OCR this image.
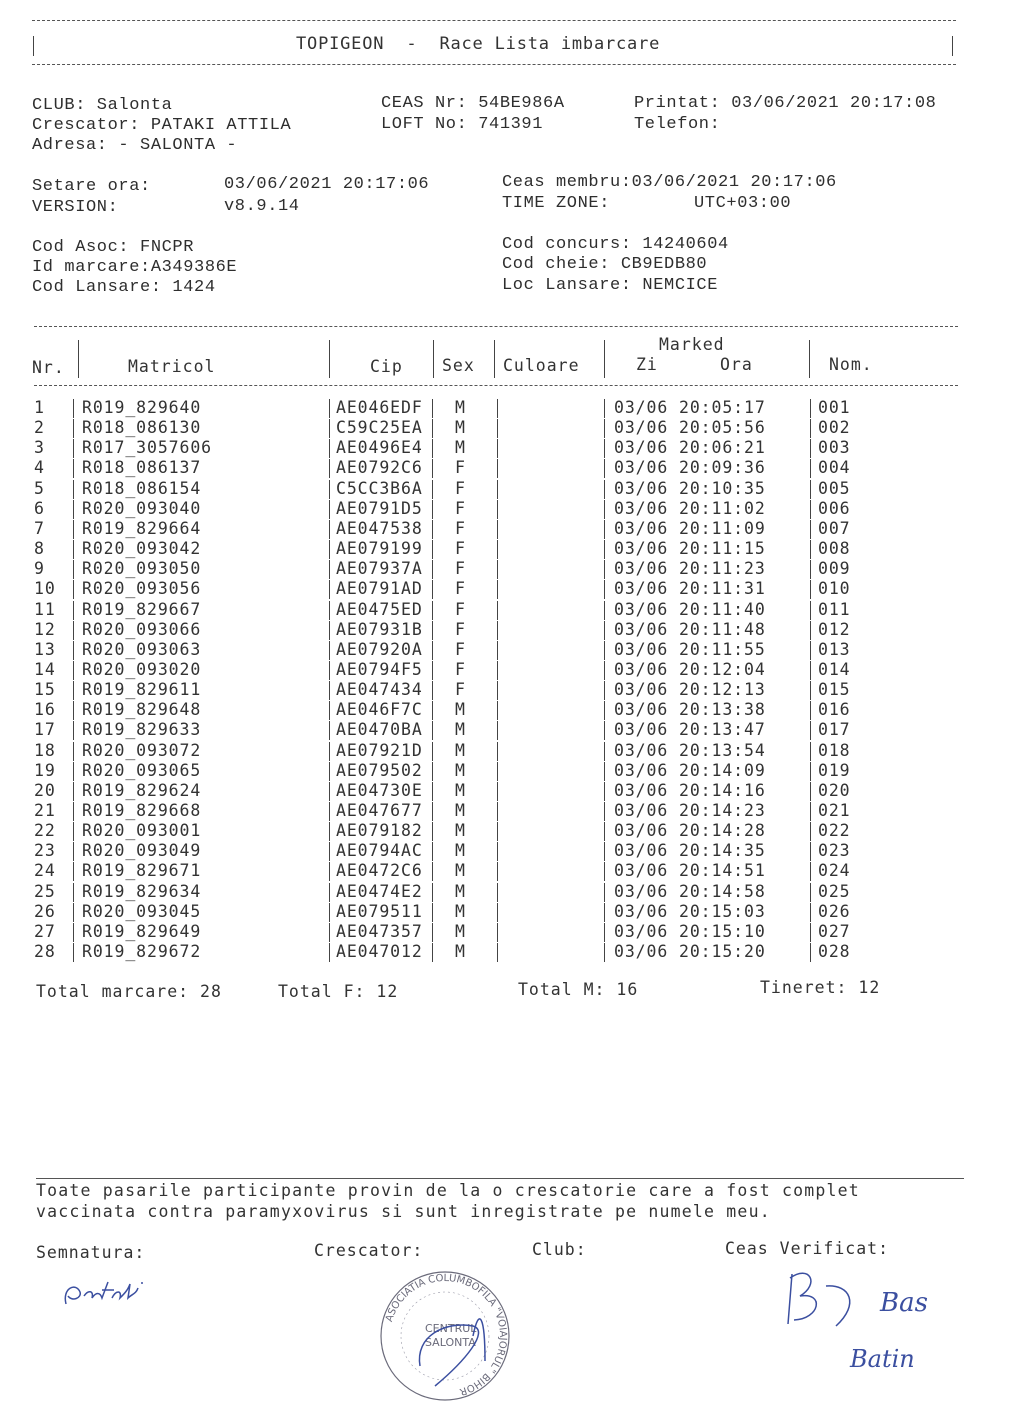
TOPIGEON  -  Race Lista imbarcare
CLUB: Salonta
Crescator: PATAKI ATTILA
Adresa: - SALONTA -
CEAS Nr: 54BE986A
LOFT No: 741391
Printat: 03/06/2021 20:17:08
Telefon:
Setare ora:	03/06/2021 20:17:06
VERSION:	v8.9.14
Ceas membru:03/06/2021 20:17:06
TIME ZONE:	UTC+03:00
Cod Asoc: FNCPR
Id marcare:A349386E
Cod Lansare: 1424
Cod concurs: 14240604
Cod cheie: CB9EDB80
Loc Lansare: NEMCICE
Nr.	Matricol	Cip Sex Culoare
Marked
Zi	Ora	Nom.
1 R019_829640	AE046EDF M	03/06 20:05:17	001
2 R018_086130	C59C25EA M	03/06 20:05:56	002
3 R017_3057606	AE0496E4 M	03/06 20:06:21	003
4 R018_086137	AE0792C6 F	03/06 20:09:36	004
5 R018_086154	C5CC3B6A F	03/06 20:10:35	005
6 R020_093040	AE0791D5 F	03/06 20:11:02	006
7 R019_829664	AE047538 F	03/06 20:11:09	007
8 R020_093042	AE079199 F	03/06 20:11:15	008
9 R020_093050	AE07937A F	03/06 20:11:23	009
10 R020_093056	AE0791AD F	03/06 20:11:31	010
11 R019_829667	AE0475ED F	03/06 20:11:40	011
12 R020_093066	AE07931B F	03/06 20:11:48	012
13 R020_093063	AE07920A F	03/06 20:11:55	013
14 R020_093020	AE0794F5 F	03/06 20:12:04	014
15 R019_829611	AE047434 F	03/06 20:12:13	015
16 R019_829648	AE046F7C M	03/06 20:13:38	016
17 R019_829633	AE0470BA M	03/06 20:13:47	017
18 R020_093072	AE07921D M	03/06 20:13:54	018
19 R020_093065	AE079502 M	03/06 20:14:09	019
20 R019_829624	AE04730E M	03/06 20:14:16	020
21 R019_829668	AE047677 M	03/06 20:14:23	021
22 R020_093001	AE079182 M	03/06 20:14:28	022
23 R020_093049	AE0794AC M	03/06 20:14:35	023
24 R019_829671	AE0472C6 M	03/06 20:14:51	024
25 R019_829634	AE0474E2 M	03/06 20:14:58	025
26 R020_093045	AE079511 M	03/06 20:15:03	026
27 R019_829649	AE047357 M	03/06 20:15:10	027
28 R019_829672	AE047012 M	03/06 20:15:20	028
Total marcare: 28	Total F: 12	Total M: 16	Tineret: 12
Toate pasarile participante provin de la o crescatorie care a fost complet
vaccinata contra paramyxovirus si sunt inregistrate pe numele meu.
Semnatura:	Crescator:	Club:	Ceas Verificat:
ASOCIATIA COLUMBOFILA "VOIAJORUL" BIHOR
CENTRUL
SALONTA
Bas
Batin
